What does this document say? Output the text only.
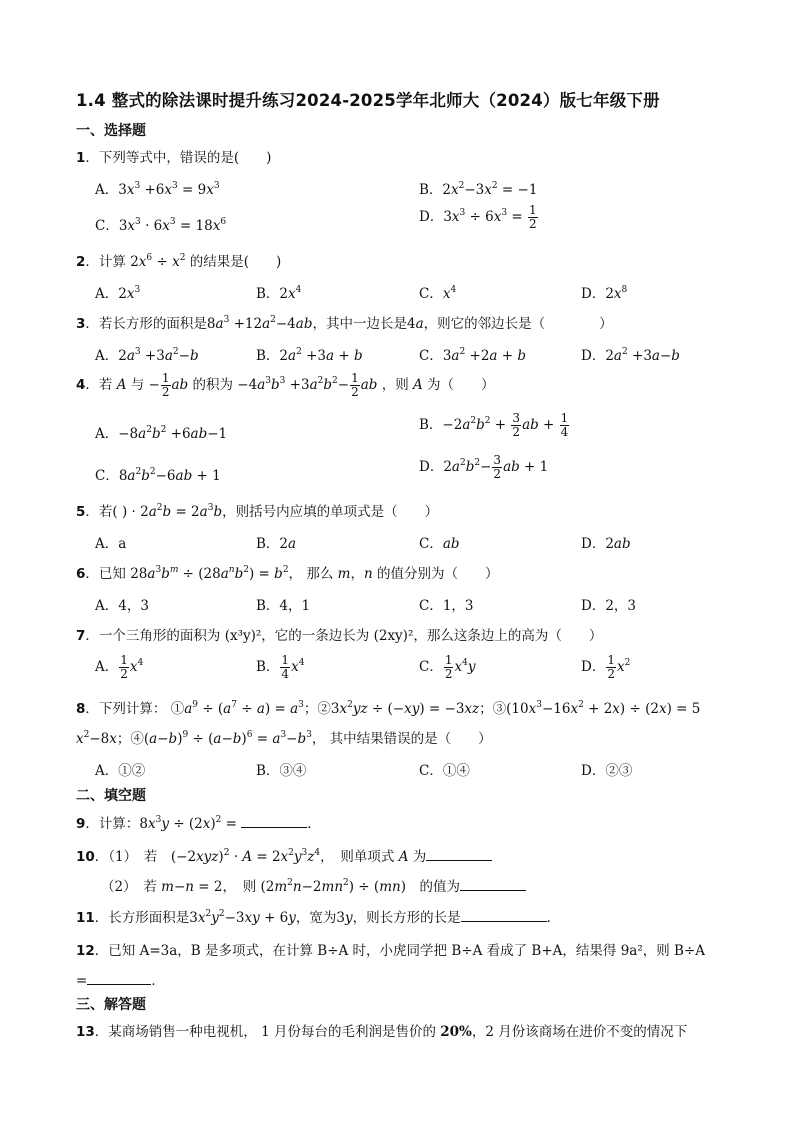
1.4 整式的除法课时提升练习2024-2025学年北师大（2024）版七年级下册
一、选择题
1．下列等式中，错误的是(　　)
A．$3x^3 +6x^3 = 9x^3$	B．$2x^2-3x^2 = -1$
C．$3x^3 \cdot 6x^3 = 18x^6$	D．$3x^3 \div 6x^3 = \frac{1}{2}$
2．计算 $2x^6 \div x^2$ 的结果是(　　)
A．$2x^3$	B．$2x^4$	C．$x^4$	D．$2x^8$
3．若长方形的面积是$8a^3 +12a^2-4ab$，其中一边长是4a，则它的邻边长是（　　　　）
A．$2a^3 +3a^2-b$	B．$2a^2 +3a + b$	C．$3a^2 +2a + b$	D．$2a^2 +3a-b$
4．若 A 与 − $\frac{1}{2}$ ab 的积为 $-4a^3b^3 +3a^2b^2- \frac{1}{2}$ ab ，则 A 为（　　）
A．$-8a^2b^2 +6ab-1$
B．$-2a^2b^2 + \frac{3}{2}$ ab + $\frac{1}{4}$
C．$8a^2b^2-6ab + 1$
D．$2a^2b^2- \frac{3}{2}$ ab + 1
5．若( ) · $2a^2b = 2a^3b$，则括号内应填的单项式是（　　）
A．a	B．2a	C．ab	D．2ab
6．已知 $28a^3b^m \div (28a^nb^2) = b^2$， 那么 m，n 的值分别为（　　）
A．4，3	B．4，1	C．1，3	D．2，3
7．一个三角形的面积为 (x³y)²，它的一条边长为 (2xy)²，那么这条边上的高为（　　）
A． $\frac{1}{2} x^4$	B． $\frac{1}{4} x^4$	C． $\frac{1}{2} x^4y$	D． $\frac{1}{2} x^2$
8．下列计算： $①a^9 \div (a^7 \div a) = a^3$；$②3x^2yz \div (-xy) = -3xz$；$③(10x^3-16x^2 + 2x) \div (2x) = 5$
$x^2-8x$；$④(a-b)^9 \div (a-b)^6 = a^3-b^3$， 其中结果错误的是（　　）
A．①②	B．③④	C．①④	D．②③
二、填空题
9．计算：$8x^3y \div (2x)^2$ =	．
10．（1）　若　$(-2xyz)^2 \cdot A = 2x^2y^3z^4$，　则单项式 A 为
（2）　若 m−n = 2，　则 $(2m^2n-2mn^2) \div (mn)$　的值为
11．长方形面积是$3x^2y^2-3xy + 6y$，宽为3y，则长方形的长是	．
12．已知 A=3a，B 是多项式，在计算 B÷A 时，小虎同学把 B÷A 看成了 B+A，结果得 9a²，则 B÷A
=	．
三、解答题
13．某商场销售一种电视机， 1 月份每台的毛利润是售价的 20%，2 月份该商场在进价不变的情况下
